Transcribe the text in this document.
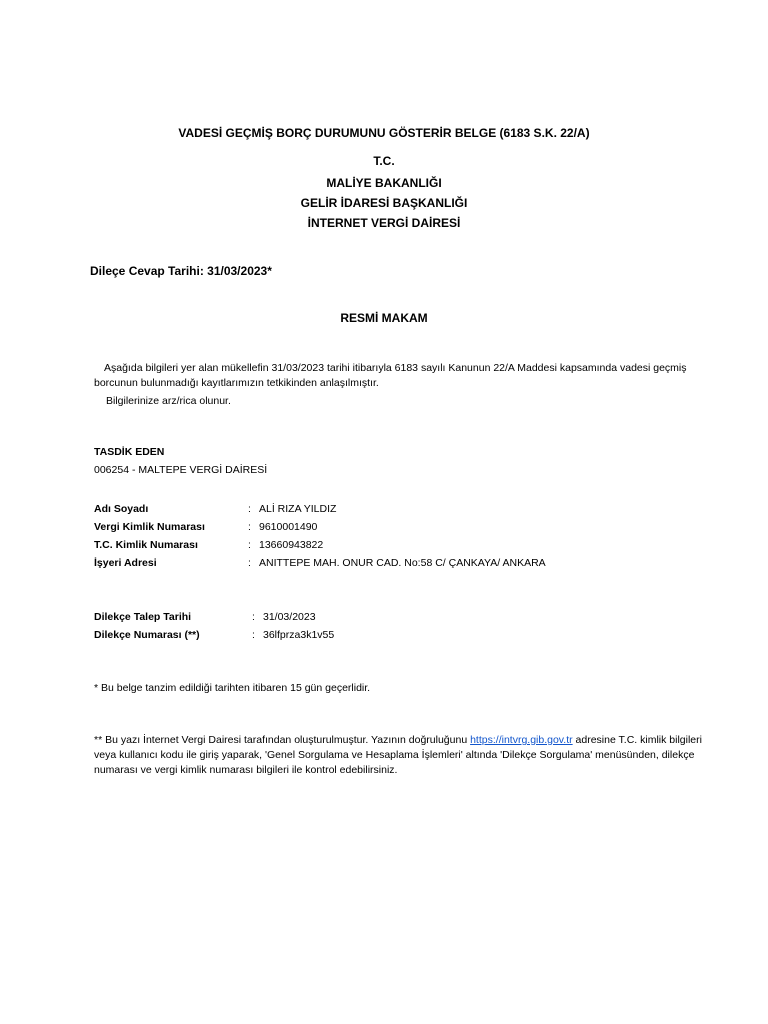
VADESİ GEÇMİŞ BORÇ DURUMUNU GÖSTERİR BELGE (6183 S.K. 22/A)
T.C.
MALİYE BAKANLIĞI
GELİR İDARESİ BAŞKANLIĞI
İNTERNET VERGİ DAİRESİ
Dileçe Cevap Tarihi: 31/03/2023*
RESMİ MAKAM
Aşağıda bilgileri yer alan mükellefin 31/03/2023 tarihi itibarıyla 6183 sayılı Kanunun 22/A Maddesi kapsamında vadesi geçmiş borcunun bulunmadığı kayıtlarımızın tetkikinden anlaşılmıştır.
Bilgilerinize arz/rica olunur.
TASDİK EDEN
006254 - MALTEPE VERGİ DAİRESİ
Adı Soyadı	: ALİ RIZA YILDIZ
Vergi Kimlik Numarası	: 9610001490
T.C. Kimlik Numarası	: 13660943822
İşyeri Adresi	: ANITTEPE MAH. ONUR CAD. No:58 C/ ÇANKAYA/ ANKARA
Dilekçe Talep Tarihi	: 31/03/2023
Dilekçe Numarası (**)	: 36lfprza3k1v55
* Bu belge tanzim edildiği tarihten itibaren 15 gün geçerlidir.
** Bu yazı İnternet Vergi Dairesi tarafından oluşturulmuştur. Yazının doğruluğunu https://intvrg.gib.gov.tr adresine T.C. kimlik bilgileri veya kullanıcı kodu ile giriş yaparak, 'Genel Sorgulama ve Hesaplama İşlemleri' altında 'Dilekçe Sorgulama' menüsünden, dilekçe numarası ve vergi kimlik numarası bilgileri ile kontrol edebilirsiniz.
